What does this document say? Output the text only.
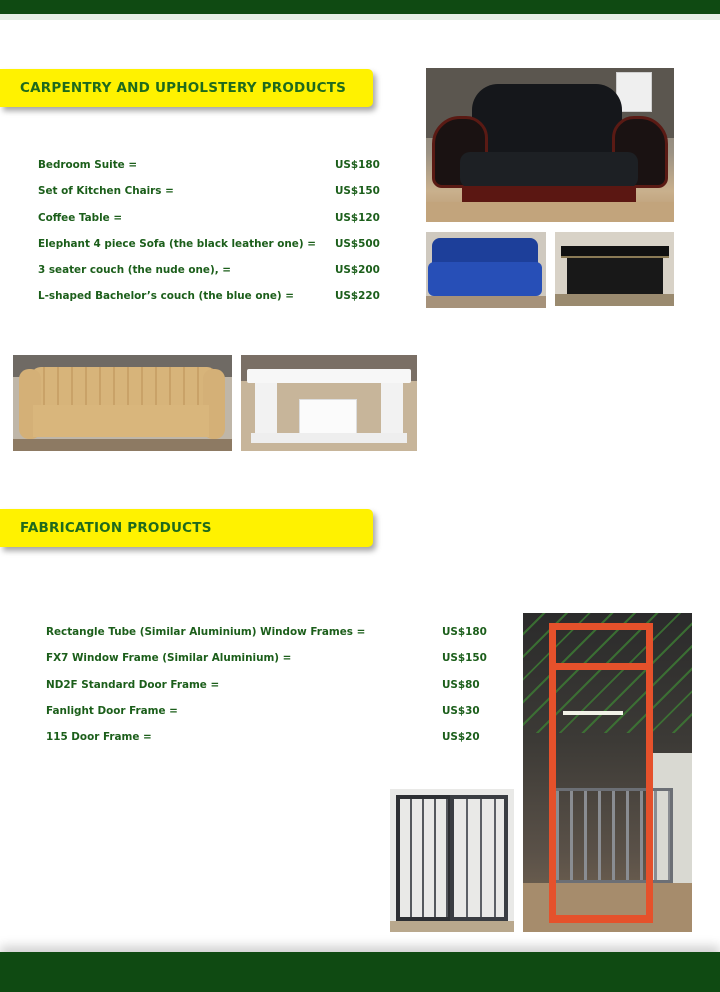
CARPENTRY AND UPHOLSTERY PRODUCTS
Bedroom Suite =	US$180
Set of Kitchen Chairs =	US$150
Coffee Table =	US$120
Elephant 4 piece Sofa (the black leather one) = US$500
3 seater couch (the nude one), =	US$200
L-shaped Bachelor’s couch (the blue one) =	US$220
FABRICATION PRODUCTS
Rectangle Tube (Similar Aluminium) Window Frames =	US$180
FX7 Window Frame (Similar Aluminium) =	US$150
ND2F Standard Door Frame =	US$80
Fanlight Door Frame =	US$30
115 Door Frame =	US$20
